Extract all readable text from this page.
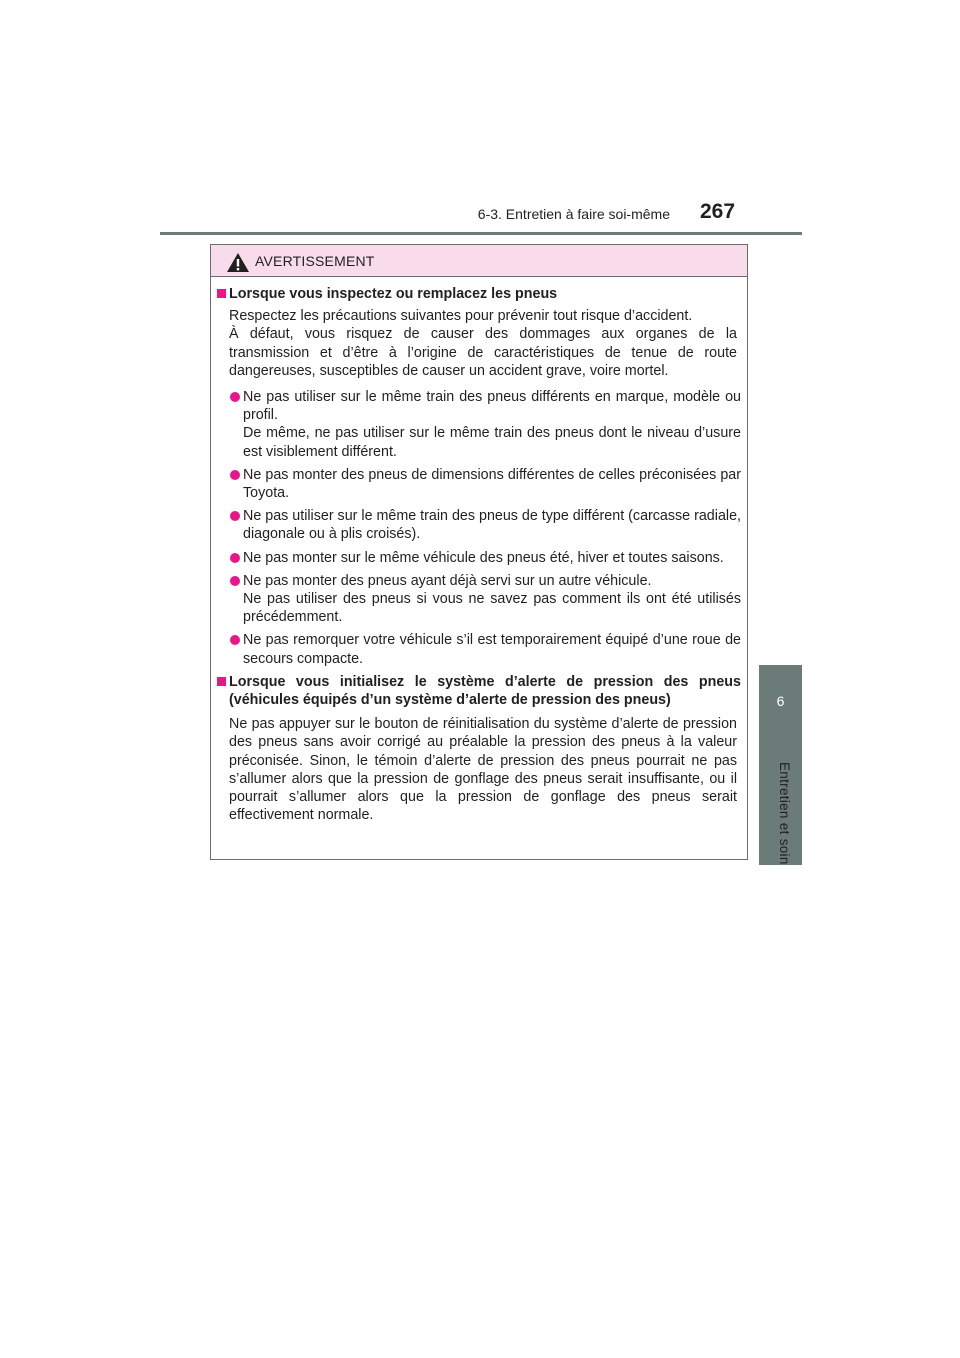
6-3. Entretien à faire soi-même 267
6
Entretien et soin
AVERTISSEMENT
Lorsque vous inspectez ou remplacez les pneus
Respectez les précautions suivantes pour prévenir tout risque d’accident.
À défaut, vous risquez de causer des dommages aux organes de la transmission et d’être à l’origine de caractéristiques de tenue de route dangereuses, susceptibles de causer un accident grave, voire mortel.
Ne pas utiliser sur le même train des pneus différents en marque, modèle ou profil.
De même, ne pas utiliser sur le même train des pneus dont le niveau d’usure est visiblement différent.
Ne pas monter des pneus de dimensions différentes de celles préconisées par Toyota.
Ne pas utiliser sur le même train des pneus de type différent (carcasse radiale, diagonale ou à plis croisés).
Ne pas monter sur le même véhicule des pneus été, hiver et toutes saisons.
Ne pas monter des pneus ayant déjà servi sur un autre véhicule.
Ne pas utiliser des pneus si vous ne savez pas comment ils ont été utilisés précédemment.
Ne pas remorquer votre véhicule s’il est temporairement équipé d’une roue de secours compacte.
Lorsque vous initialisez le système d’alerte de pression des pneus (véhicules équipés d’un système d’alerte de pression des pneus)
Ne pas appuyer sur le bouton de réinitialisation du système d’alerte de pression des pneus sans avoir corrigé au préalable la pression des pneus à la valeur préconisée. Sinon, le témoin d’alerte de pression des pneus pourrait ne pas s’allumer alors que la pression de gonflage des pneus serait insuffisante, ou il pourrait s’allumer alors que la pression de gonflage des pneus serait effectivement normale.
